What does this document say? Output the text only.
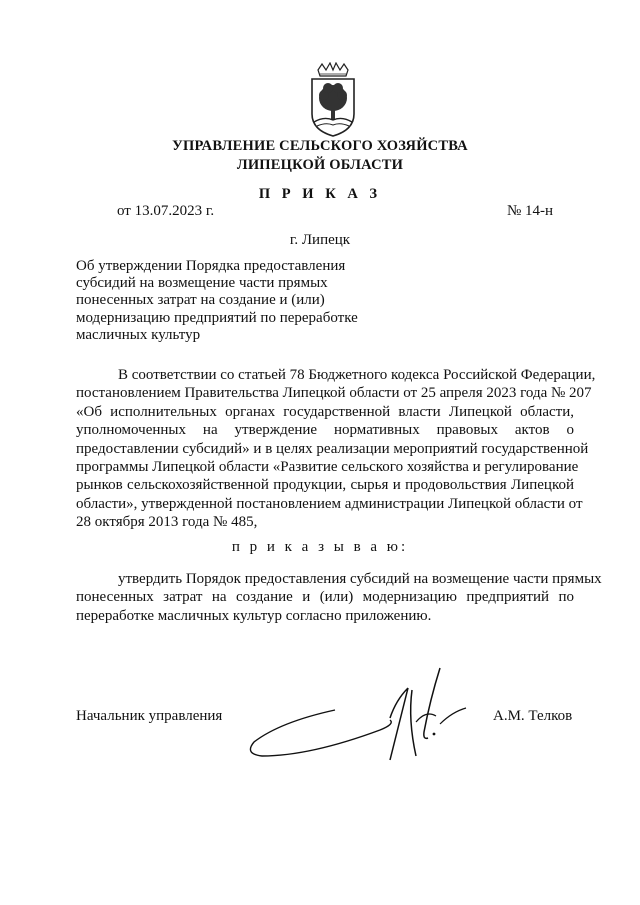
УПРАВЛЕНИЕ СЕЛЬСКОГО ХОЗЯЙСТВА
ЛИПЕЦКОЙ ОБЛАСТИ
П Р И К А З
от 13.07.2023 г.	№ 14-н
г. Липецк
Об утверждении Порядка предоставления
субсидий на возмещение части прямых
понесенных затрат на создание и (или)
модернизацию предприятий по переработке
масличных культур
В соответствии со статьей 78 Бюджетного кодекса Российской Федерации,
постановлением Правительства Липецкой области от 25 апреля 2023 года № 207
«Об исполнительных органах государственной власти Липецкой области,
уполномоченных на утверждение нормативных правовых актов о
предоставлении субсидий» и в целях реализации мероприятий государственной
программы Липецкой области «Развитие сельского хозяйства и регулирование
рынков сельскохозяйственной продукции, сырья и продовольствия Липецкой
области», утвержденной постановлением администрации Липецкой области от
28 октября 2013 года № 485,
п р и к а з ы в а ю:
утвердить Порядок предоставления субсидий на возмещение части прямых
понесенных затрат на создание и (или) модернизацию предприятий по
переработке масличных культур согласно приложению.
Начальник управления	А.М. Телков
